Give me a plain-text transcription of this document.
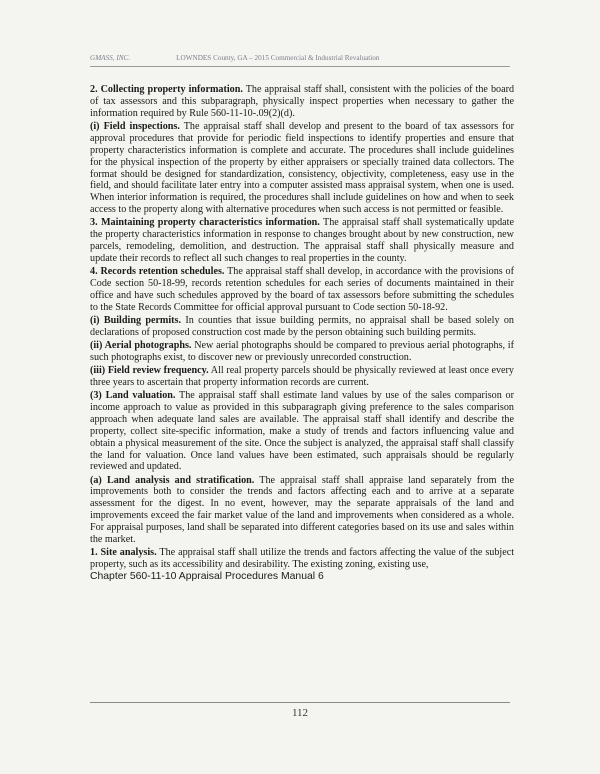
GMASS, INC.	LOWNDES County, GA – 2015 Commercial & Industrial Revaluation

2. Collecting property information. The appraisal staff shall, consistent with the policies of the board of tax assessors and this subparagraph, physically inspect properties when necessary to gather the information required by Rule 560-11-10-.09(2)(d).

(i) Field inspections. The appraisal staff shall develop and present to the board of tax assessors for approval procedures that provide for periodic field inspections to identify properties and ensure that property characteristics information is complete and accurate. The procedures shall include guidelines for the physical inspection of the property by either appraisers or specially trained data collectors. The format should be designed for standardization, consistency, objectivity, completeness, easy use in the field, and should facilitate later entry into a computer assisted mass appraisal system, when one is used. When interior information is required, the procedures shall include guidelines on how and when to seek access to the property along with alternative procedures when such access is not permitted or feasible.

3. Maintaining property characteristics information. The appraisal staff shall systematically update the property characteristics information in response to changes brought about by new construction, new parcels, remodeling, demolition, and destruction. The appraisal staff shall physically measure and update their records to reflect all such changes to real properties in the county.

4. Records retention schedules. The appraisal staff shall develop, in accordance with the provisions of Code section 50-18-99, records retention schedules for each series of documents maintained in their office and have such schedules approved by the board of tax assessors before submitting the schedules to the State Records Committee for official approval pursuant to Code section 50-18-92.

(i) Building permits. In counties that issue building permits, no appraisal shall be based solely on declarations of proposed construction cost made by the person obtaining such building permits.

(ii) Aerial photographs. New aerial photographs should be compared to previous aerial photographs, if such photographs exist, to discover new or previously unrecorded construction.

(iii) Field review frequency. All real property parcels should be physically reviewed at least once every three years to ascertain that property information records are current.

(3) Land valuation. The appraisal staff shall estimate land values by use of the sales comparison or income approach to value as provided in this subparagraph giving preference to the sales comparison approach when adequate land sales are available. The appraisal staff shall identify and describe the property, collect site-specific information, make a study of trends and factors influencing value and obtain a physical measurement of the site. Once the subject is analyzed, the appraisal staff shall classify the land for valuation. Once land values have been estimated, such appraisals should be regularly reviewed and updated.

(a) Land analysis and stratification. The appraisal staff shall appraise land separately from the improvements both to consider the trends and factors affecting each and to arrive at a separate assessment for the digest. In no event, however, may the separate appraisals of the land and improvements exceed the fair market value of the land and improvements when considered as a whole. For appraisal purposes, land shall be separated into different categories based on its use and sales within the market.

1. Site analysis. The appraisal staff shall utilize the trends and factors affecting the value of the subject property, such as its accessibility and desirability. The existing zoning, existing use,

Chapter 560-11-10 Appraisal Procedures Manual 6
112
